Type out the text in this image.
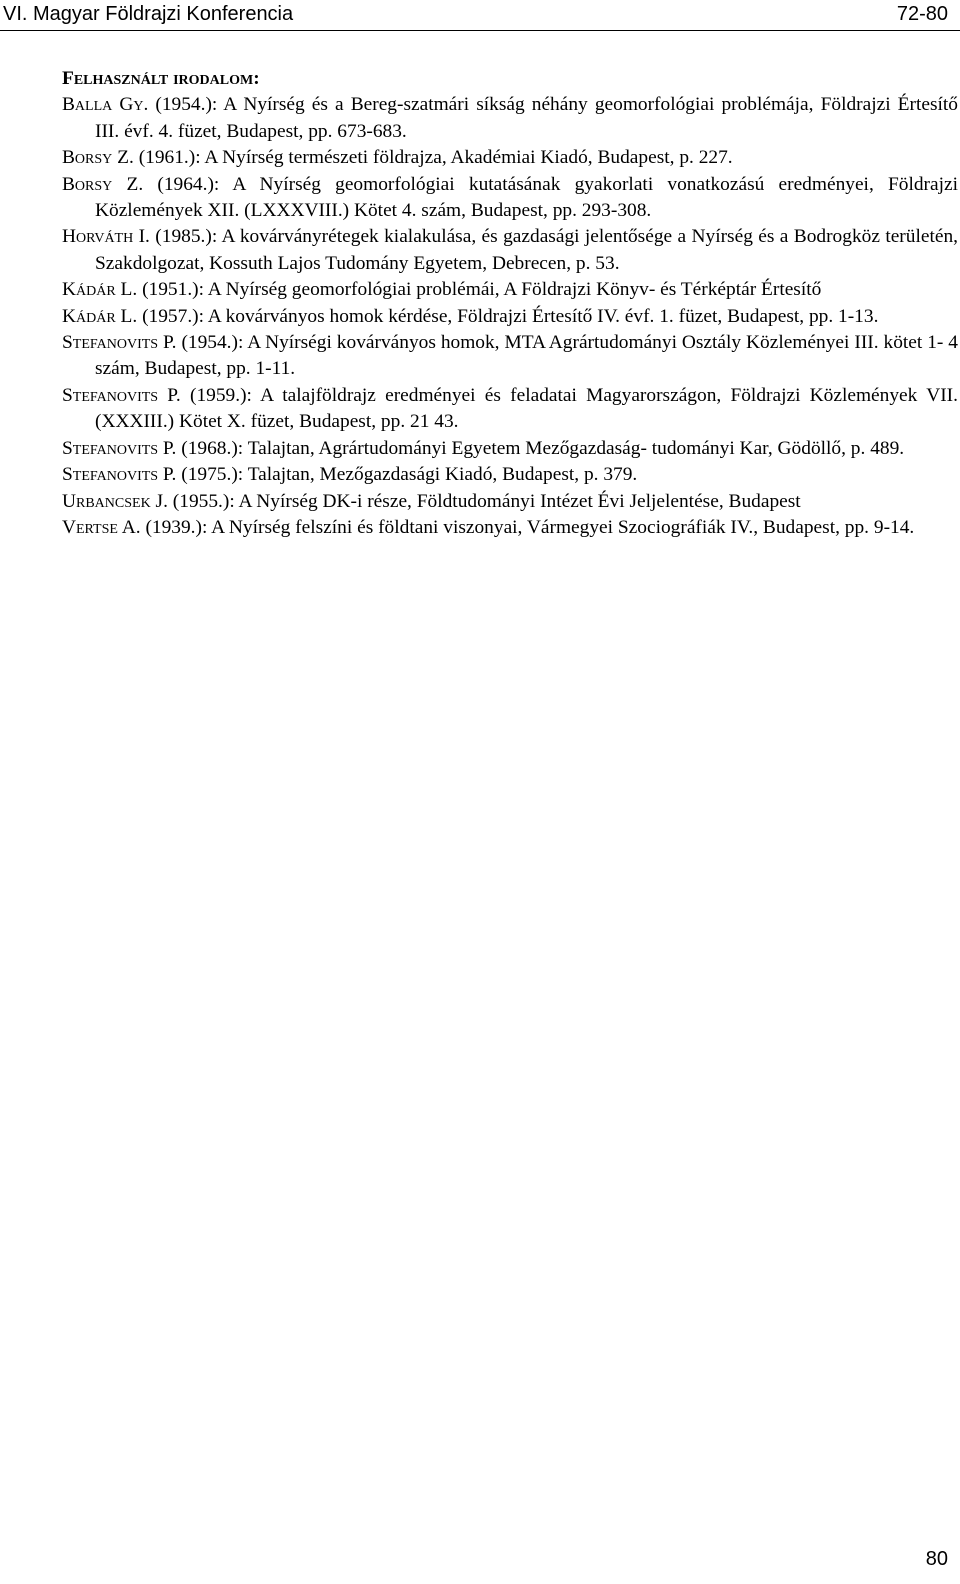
VI. Magyar Földrajzi Konferencia	72-80

Felhasznált irodalom:

Balla Gy. (1954.): A Nyírség és a Bereg-szatmári síkság néhány geomorfológiai problémája, Földrajzi Értesítő III. évf. 4. füzet, Budapest, pp. 673-683.

Borsy Z. (1961.): A Nyírség természeti földrajza, Akadémiai Kiadó, Budapest, p. 227.

Borsy Z. (1964.): A Nyírség geomorfológiai kutatásának gyakorlati vonatkozású eredményei, Földrajzi Közlemények XII. (LXXXVIII.) Kötet 4. szám, Budapest, pp. 293-308.

Horváth I. (1985.): A kovárványrétegek kialakulása, és gazdasági jelentősége a Nyírség és a Bodrogköz területén, Szakdolgozat, Kossuth Lajos Tudomány Egyetem, Debrecen, p. 53.

Kádár L. (1951.): A Nyírség geomorfológiai problémái, A Földrajzi Könyv- és Térképtár Értesítő

Kádár L. (1957.): A kovárványos homok kérdése, Földrajzi Értesítő IV. évf. 1. füzet, Budapest, pp. 1-13.

Stefanovits P. (1954.): A Nyírségi kovárványos homok, MTA Agrártudományi Osztály Közleményei III. kötet 1- 4 szám, Budapest, pp. 1-11.

Stefanovits P. (1959.): A talajföldrajz eredményei és feladatai Magyarországon, Földrajzi Közlemények VII. (XXXIII.) Kötet X. füzet, Budapest, pp. 21 43.

Stefanovits P. (1968.): Talajtan, Agrártudományi Egyetem Mezőgazdaság- tudományi Kar, Gödöllő, p. 489.

Stefanovits P. (1975.): Talajtan, Mezőgazdasági Kiadó, Budapest, p. 379.

Urbancsek J. (1955.): A Nyírség DK-i része, Földtudományi Intézet Évi Jeljelentése, Budapest

Vertse A. (1939.): A Nyírség felszíni és földtani viszonyai, Vármegyei Szociográfiák IV., Budapest, pp. 9-14.

80
